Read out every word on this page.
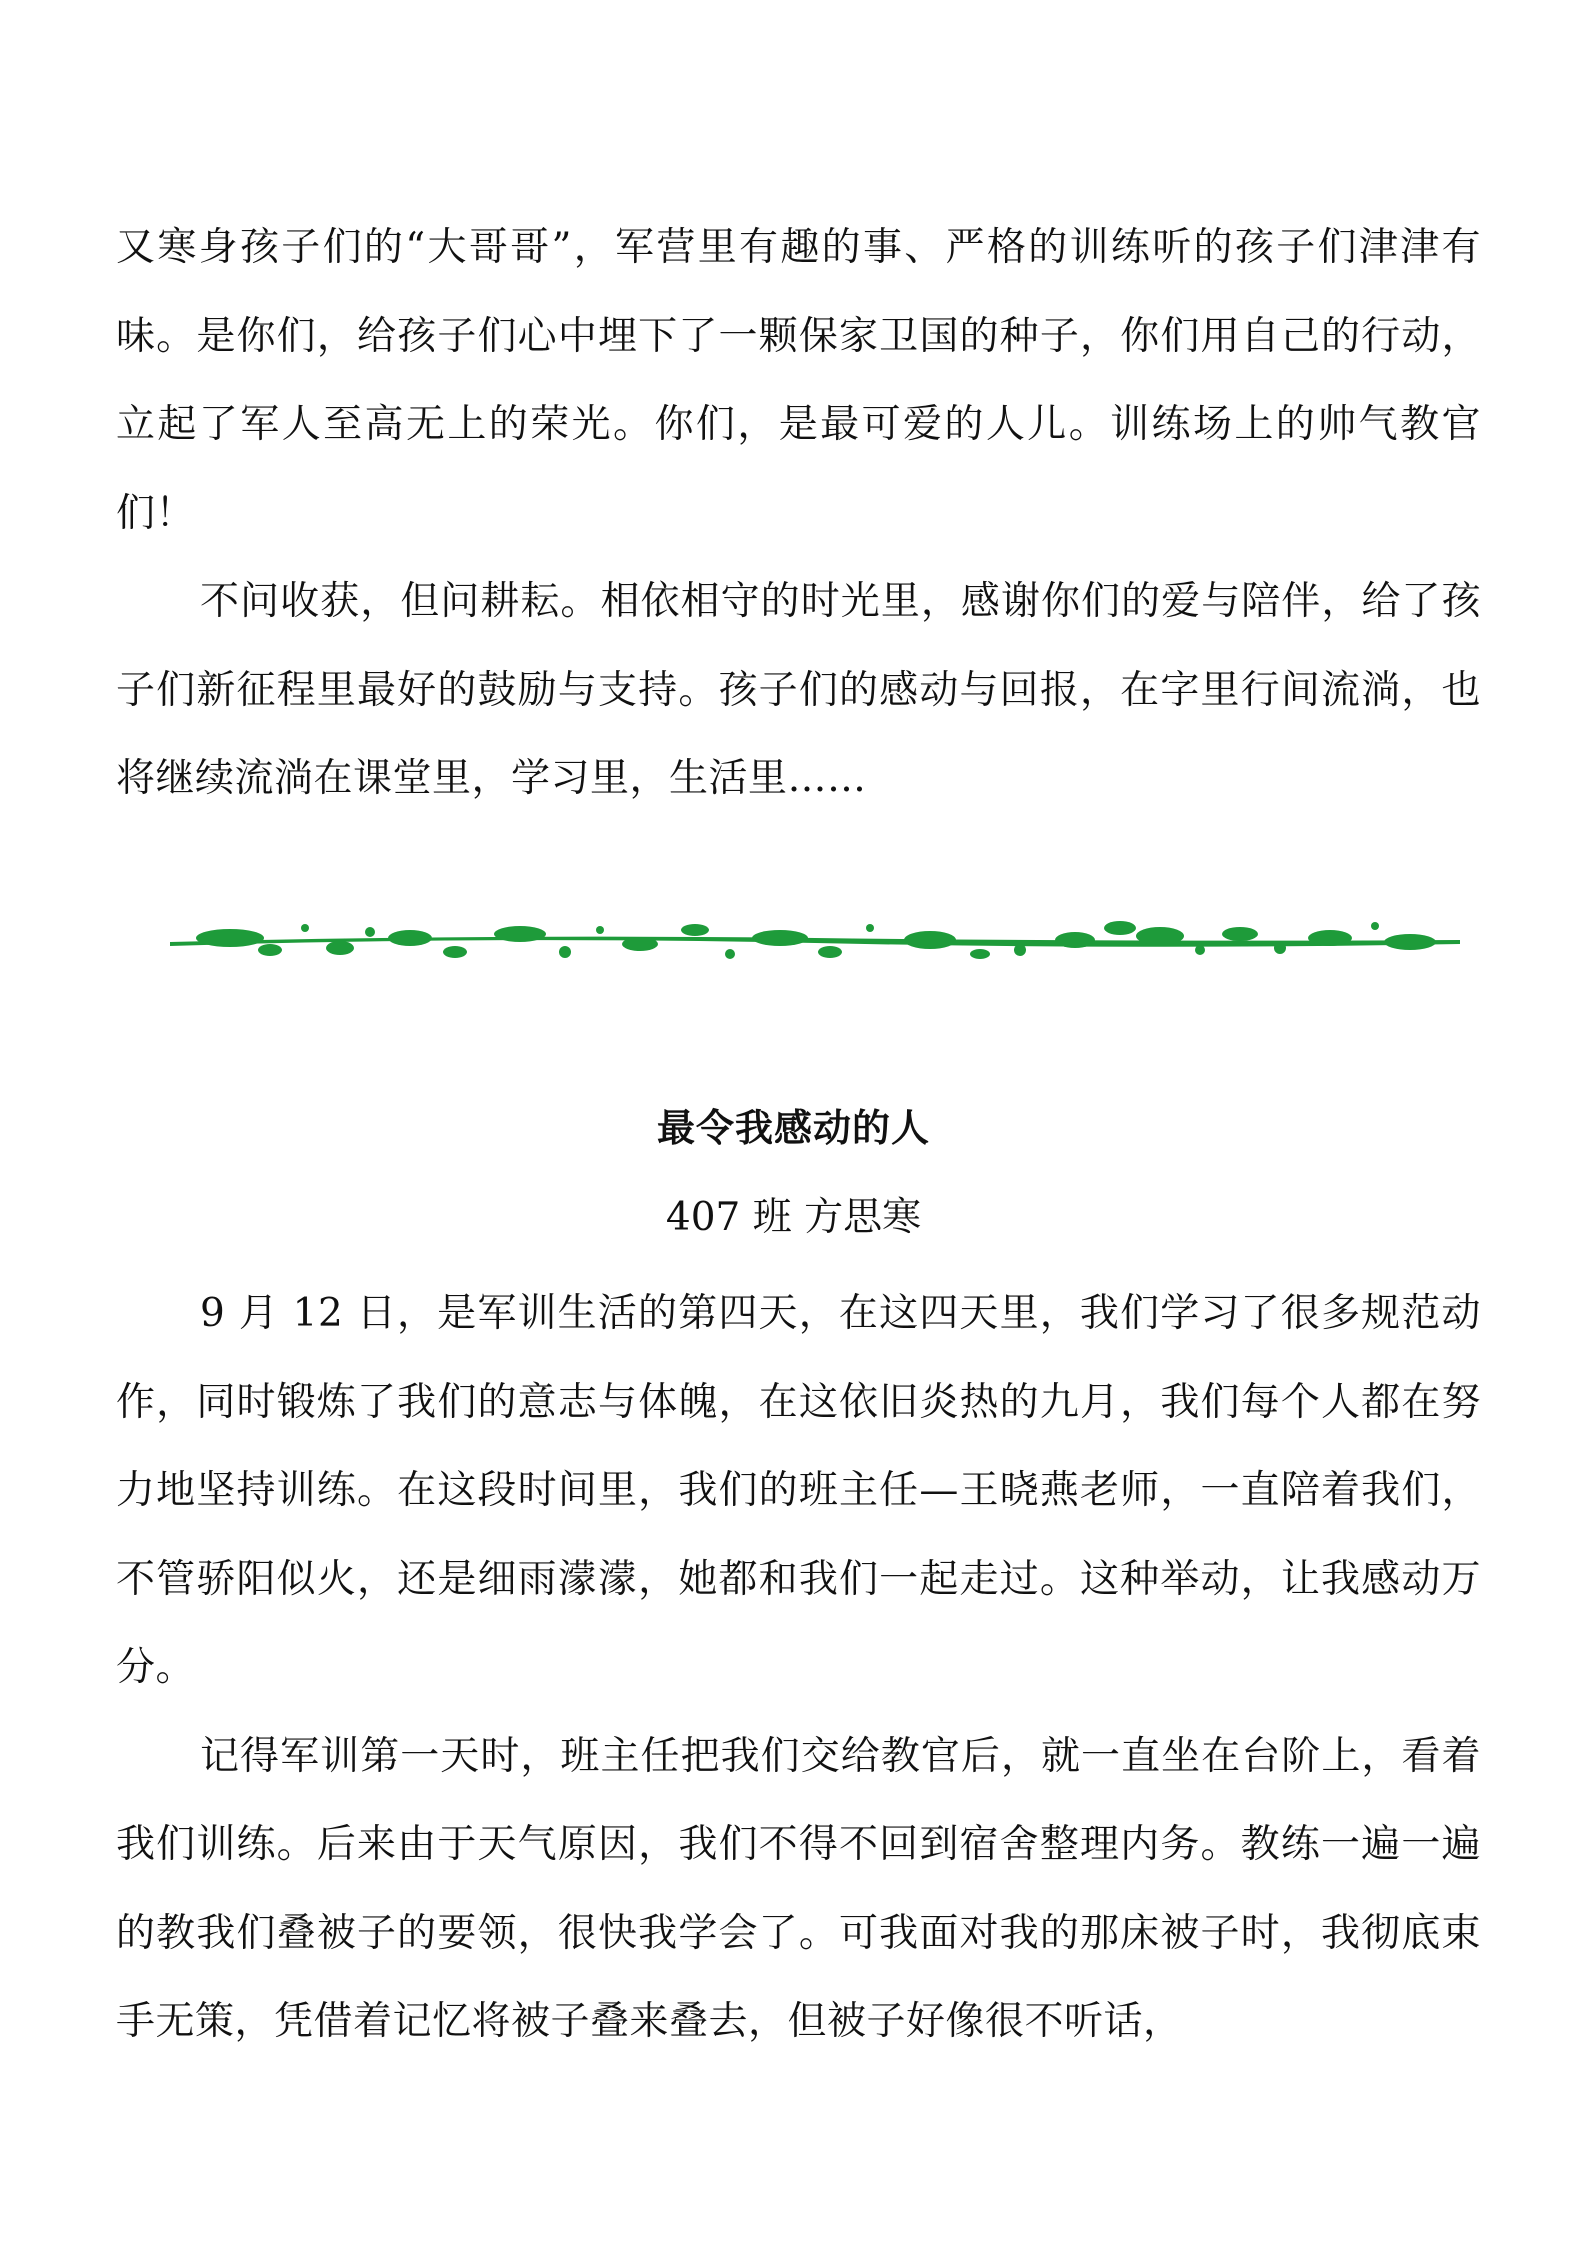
又寒身孩子们的“大哥哥”，军营里有趣的事、严格的训练听的孩子们津津有味。是你们，给孩子们心中埋下了一颗保家卫国的种子，你们用自己的行动，立起了军人至高无上的荣光。你们，是最可爱的人儿。训练场上的帅气教官们！

不问收获，但问耕耘。相依相守的时光里，感谢你们的爱与陪伴，给了孩子们新征程里最好的鼓励与支持。孩子们的感动与回报，在字里行间流淌，也将继续流淌在课堂里，学习里，生活里……

最令我感动的人
407 班 方思寒

9 月 12 日，是军训生活的第四天，在这四天里，我们学习了很多规范动作，同时锻炼了我们的意志与体魄，在这依旧炎热的九月，我们每个人都在努力地坚持训练。在这段时间里，我们的班主任—王晓燕老师，一直陪着我们，不管骄阳似火，还是细雨濛濛，她都和我们一起走过。这种举动，让我感动万分。

记得军训第一天时，班主任把我们交给教官后，就一直坐在台阶上，看着我们训练。后来由于天气原因，我们不得不回到宿舍整理内务。教练一遍一遍的教我们叠被子的要领，很快我学会了。可我面对我的那床被子时，我彻底束手无策，凭借着记忆将被子叠来叠去，但被子好像很不听话，
